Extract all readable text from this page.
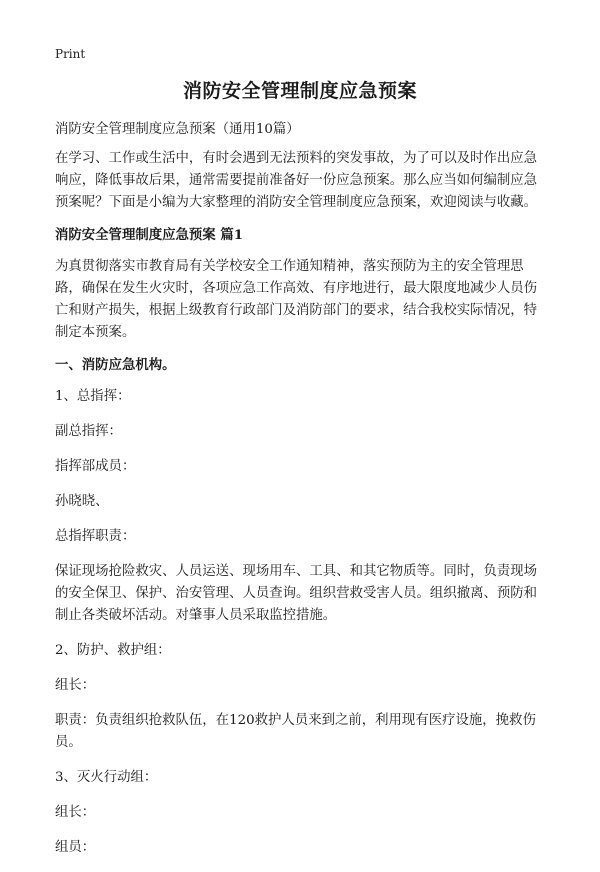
Print
消防安全管理制度应急预案

消防安全管理制度应急预案（通用10篇）

在学习、工作或生活中，有时会遇到无法预料的突发事故，为了可以及时作出应急响应，降低事故后果，通常需要提前准备好一份应急预案。那么应当如何编制应急预案呢？下面是小编为大家整理的消防安全管理制度应急预案，欢迎阅读与收藏。

消防安全管理制度应急预案 篇1

为真贯彻落实市教育局有关学校安全工作通知精神，落实预防为主的安全管理思路，确保在发生火灾时，各项应急工作高效、有序地进行，最大限度地减少人员伤亡和财产损失，根据上级教育行政部门及消防部门的要求，结合我校实际情况，特制定本预案。

一、消防应急机构。

1、总指挥：

副总指挥：

指挥部成员：

孙晓晓、

总指挥职责：

保证现场抢险救灾、人员运送、现场用车、工具、和其它物质等。同时，负责现场的安全保卫、保护、治安管理、人员查询。组织营救受害人员。组织撤离、预防和制止各类破坏活动。对肇事人员采取监控措施。

2、防护、救护组：

组长：

职责：负责组织抢救队伍，在120救护人员来到之前，利用现有医疗设施，挽救伤员。

3、灭火行动组：

组长：

组员：
